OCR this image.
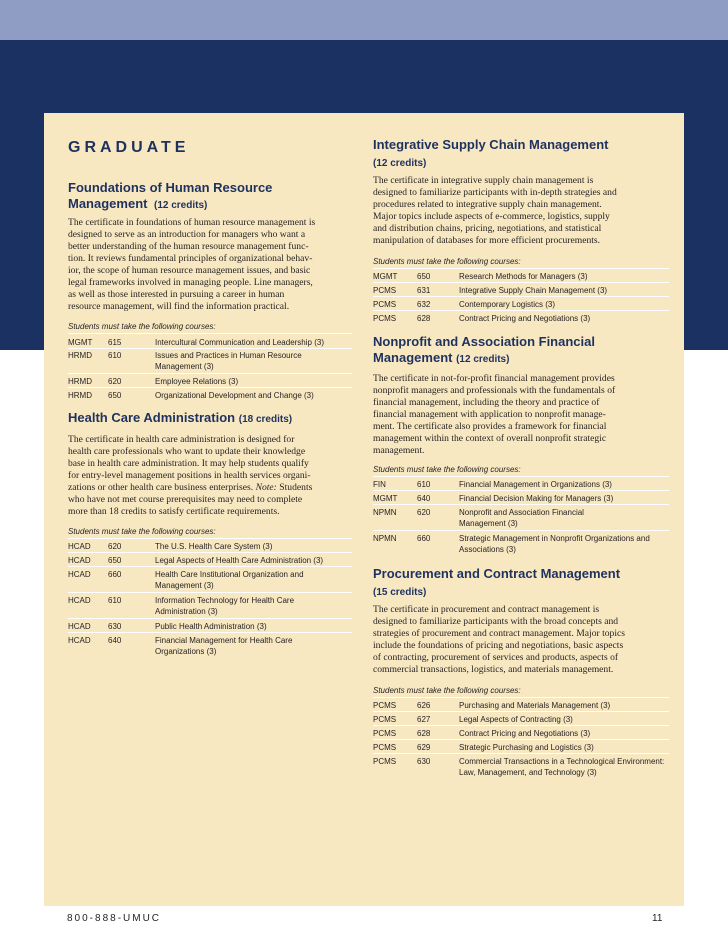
GRADUATE
Foundations of Human Resource Management (12 credits)
The certificate in foundations of human resource management is
designed to serve as an introduction for managers who want a
better understanding of the human resource management func-
tion. It reviews fundamental principles of organizational behav-
ior, the scope of human resource management issues, and basic
legal frameworks involved in managing people. Line managers,
as well as those interested in pursuing a career in human
resource management, will find the information practical.
Students must take the following courses:
MGMT 615	Intercultural Communication and Leadership (3)
HRMD 610	Issues and Practices in Human Resource Management (3)
HRMD 620	Employee Relations (3)
HRMD 650	Organizational Development and Change (3)
Health Care Administration (18 credits)
The certificate in health care administration is designed for
health care professionals who want to update their knowledge
base in health care administration. It may help students qualify
for entry-level management positions in health services organi-
zations or other health care business enterprises. Note: Students
who have not met course prerequisites may need to complete
more than 18 credits to satisfy certificate requirements.
Students must take the following courses:
HCAD 620	The U.S. Health Care System (3)
HCAD 650	Legal Aspects of Health Care Administration (3)
HCAD 660	Health Care Institutional Organization and Management (3)
HCAD 610	Information Technology for Health Care Administration (3)
HCAD 630	Public Health Administration (3)
HCAD 640	Financial Management for Health Care Organizations (3)
Integrative Supply Chain Management
(12 credits)
The certificate in integrative supply chain management is
designed to familiarize participants with in-depth strategies and
procedures related to integrative supply chain management.
Major topics include aspects of e-commerce, logistics, supply
and distribution chains, pricing, negotiations, and statistical
manipulation of databases for more efficient procurements.
Students must take the following courses:
MGMT 650	Research Methods for Managers (3)
PCMS	631	Integrative Supply Chain Management (3)
PCMS	632	Contemporary Logistics (3)
PCMS	628	Contract Pricing and Negotiations (3)
Nonprofit and Association Financial
Management (12 credits)
The certificate in not-for-profit financial management provides
nonprofit managers and professionals with the fundamentals of
financial management, including the theory and practice of
financial management with application to nonprofit manage-
ment. The certificate also provides a framework for financial
management within the context of overall nonprofit strategic
management.
Students must take the following courses:
FIN	610	Financial Management in Organizations (3)
MGMT 640	Financial Decision Making for Managers (3)
NPMN	620	Nonprofit and Association Financial Management (3)
NPMN	660	Strategic Management in Nonprofit Organizations and Associations (3)
Procurement and Contract Management
(15 credits)
The certificate in procurement and contract management is
designed to familiarize participants with the broad concepts and
strategies of procurement and contract management. Major topics
include the foundations of pricing and negotiations, basic aspects
of contracting, procurement of services and products, aspects of
commercial transactions, logistics, and materials management.
Students must take the following courses:
PCMS	626	Purchasing and Materials Management (3)
PCMS	627	Legal Aspects of Contracting (3)
PCMS	628	Contract Pricing and Negotiations (3)
PCMS	629	Strategic Purchasing and Logistics (3)
PCMS	630	Commercial Transactions in a Technological Environment: Law, Management, and Technology (3)
800-888-UMUC	11
